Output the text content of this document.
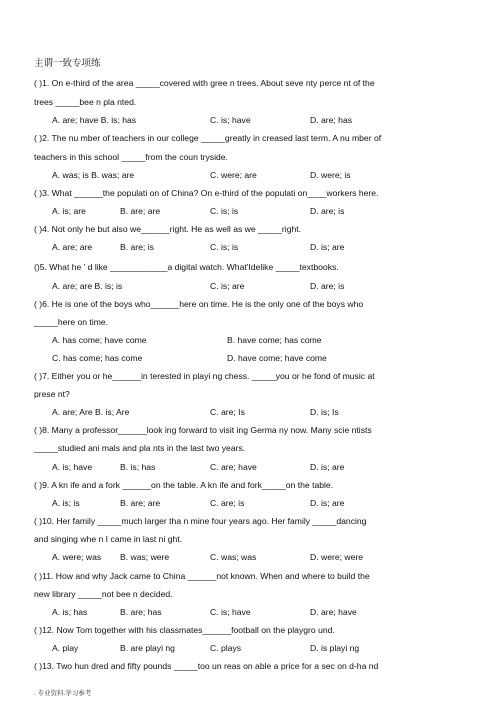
主谓一致专项练
( )1. On e-third of the area _____covered with gree n trees. About seve nty perce nt of the
trees _____bee n pla nted.
A. are; have B. is; has	C. is; have	D. are; has
( )2. The nu mber of teachers in our college _____greatly in creased last term. A nu mber of
teachers in this school _____from the coun tryside.
A. was; is B. was; are	C. were; are	D. were; is
( )3. What ______the populati on of China? On e-third of the populati on____workers here.
A. is; are	B. are; are	C. is; is	D. are; is
( )4. Not only he but also we______right. He as well as we _____right.
A. are; are	B. are; is	C. is; is	D. is; are
()5. What he ’ d like ____________a digital watch. What'Idelike _____textbooks.
A. are; are B. is; is	C. is; are	D. are; is
( )6. He is one of the boys who______here on time. He is the only one of the boys who
_____here on time.
A. has come; have come	B. have come; has come
C. has come; has come	D. have come; have come
( )7. Either you or he______in terested in playi ng chess. _____you or he fond of music at
prese nt?
A. are; Are B. is; Are	C. are; Is	D. is; Is
( )8. Many a professor______look ing forward to visit ing Germa ny now. Many scie ntists
_____studied ani mals and pla nts in the last two years.
A. is; have	B. is; has	C. are; have	D. is; are
( )9. A kn ife and a fork ______on the table. A kn ife and fork_____on the table.
A. is; is	B. are; are	C. are; is	D. is; are
( )10. Her family _____much larger tha n mine four years ago. Her family _____dancing
and singing whe n I came in last ni ght.
A. were; was B. was; were	C. was; was	D. were; were
( )11. How and why Jack came to China ______not known. When and where to build the
new library _____not bee n decided.
A. is; has	B. are; has	C. is; have	D. are; have
( )12. Now Tom together with his classmates______football on the playgro und.
A. play	B. are playi ng	C. plays	D. is playi ng
( )13. Two hun dred and fifty pounds _____too un reas on able a price for a sec on d-ha nd
. 专业资料.学习参考
